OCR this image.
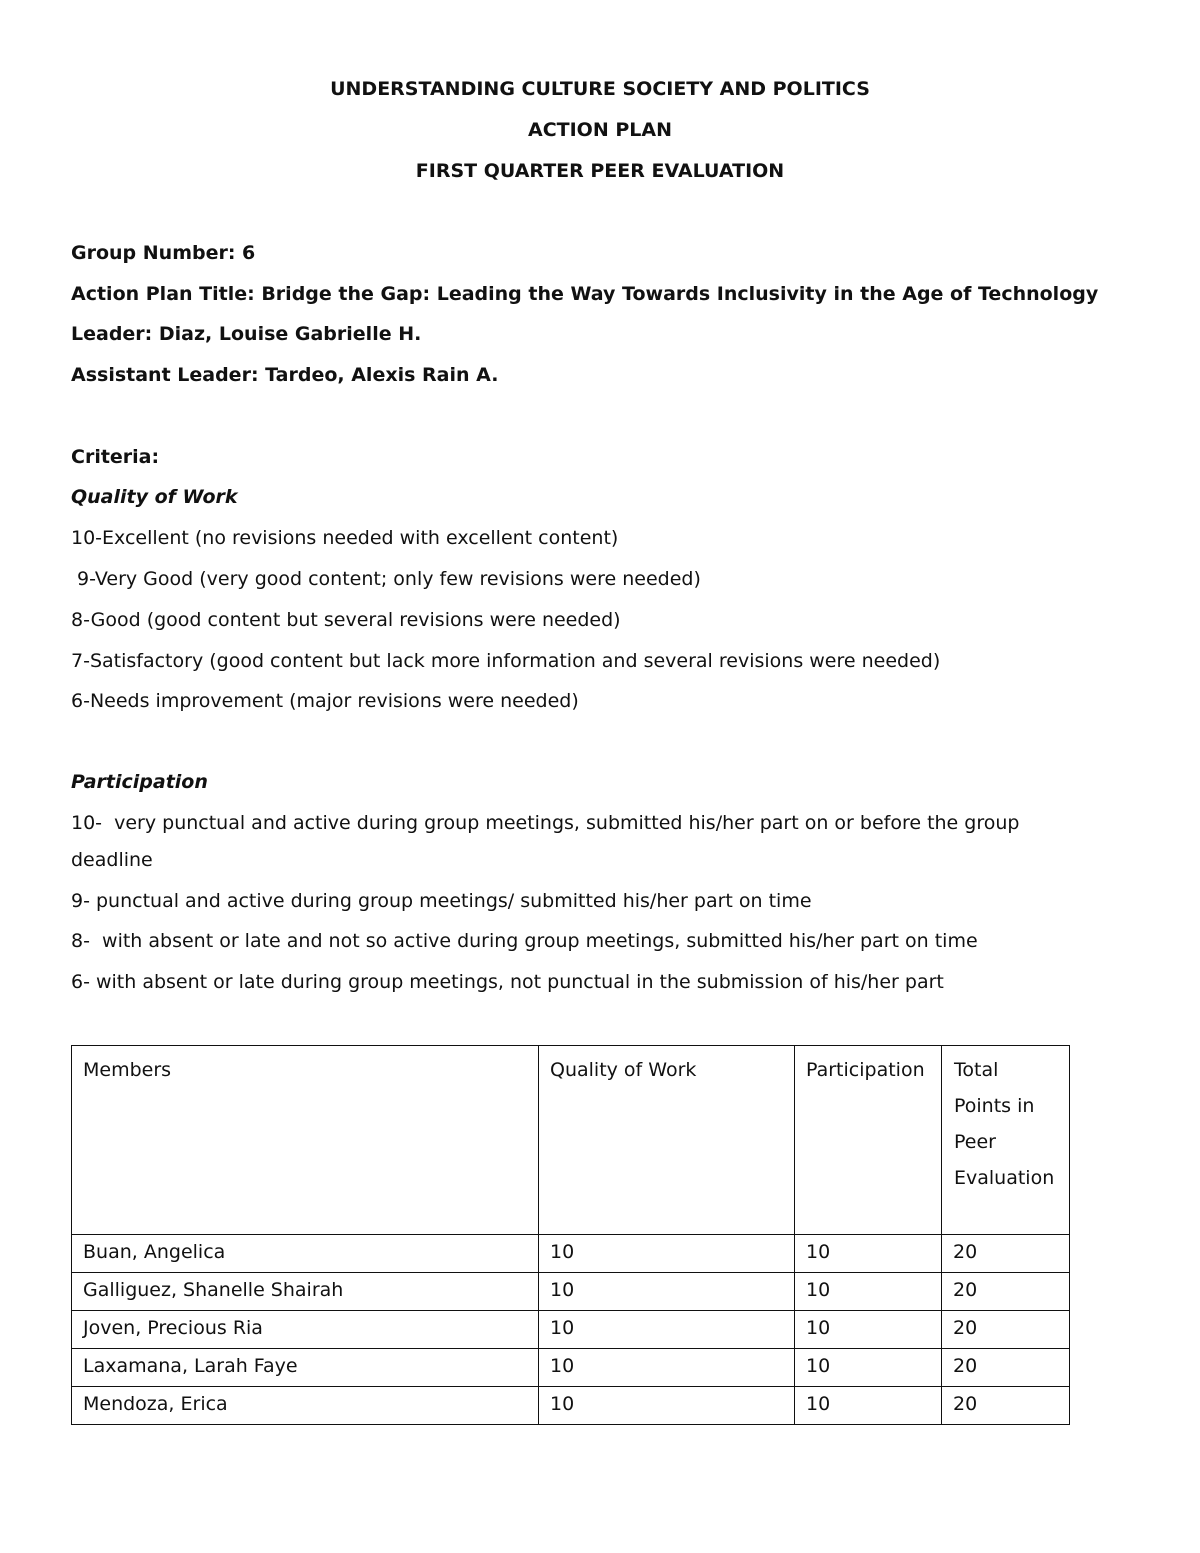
UNDERSTANDING CULTURE SOCIETY AND POLITICS
ACTION PLAN
FIRST QUARTER PEER EVALUATION
Group Number: 6
Action Plan Title: Bridge the Gap: Leading the Way Towards Inclusivity in the Age of Technology
Leader: Diaz, Louise Gabrielle H.
Assistant Leader: Tardeo, Alexis Rain A.
Criteria:
Quality of Work
10-Excellent (no revisions needed with excellent content)
9-Very Good (very good content; only few revisions were needed)
8-Good (good content but several revisions were needed)
7-Satisfactory (good content but lack more information and several revisions were needed)
6-Needs improvement (major revisions were needed)
Participation
10-  very punctual and active during group meetings, submitted his/her part on or before the group
deadline
9- punctual and active during group meetings/ submitted his/her part on time
8-  with absent or late and not so active during group meetings, submitted his/her part on time
6- with absent or late during group meetings, not punctual in the submission of his/her part
Members	Quality of Work	Participation	Total Points in Peer Evaluation
Buan, Angelica	10	10	20
Galliguez, Shanelle Shairah	10	10	20
Joven, Precious Ria	10	10	20
Laxamana, Larah Faye	10	10	20
Mendoza, Erica	10	10	20
